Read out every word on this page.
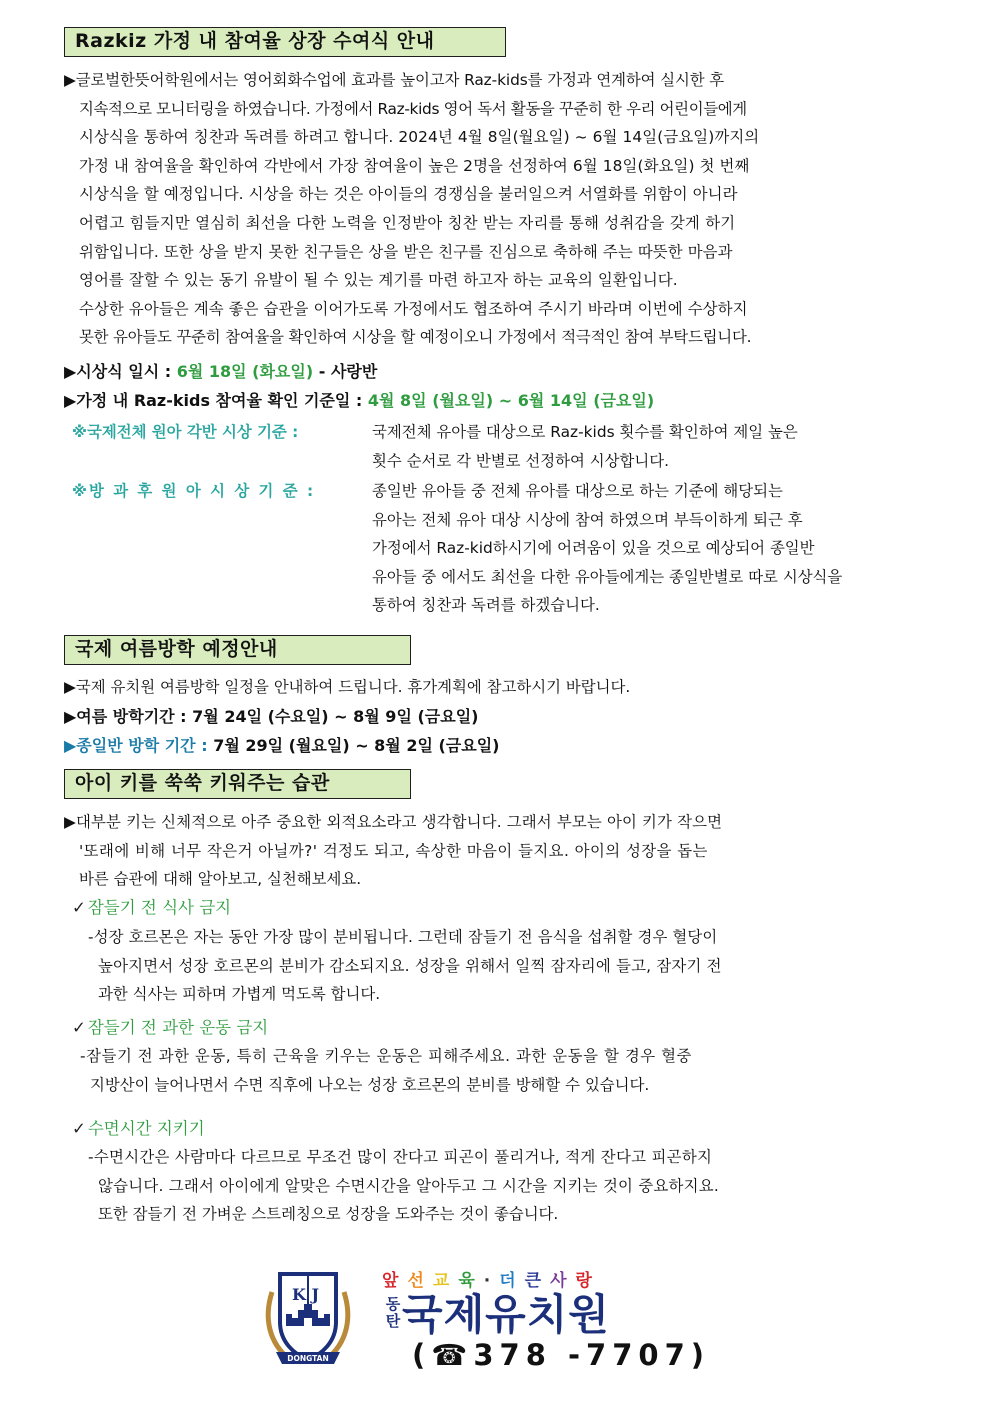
Razkiz 가정 내 참여율 상장 수여식 안내
▶글로벌한뜻어학원에서는 영어회화수업에 효과를 높이고자 Raz-kids를 가정과 연계하여 실시한 후
지속적으로 모니터링을 하였습니다. 가정에서 Raz-kids 영어 독서 활동을 꾸준히 한 우리 어린이들에게
시상식을 통하여 칭찬과 독려를 하려고 합니다. 2024년 4월 8일(월요일) ~ 6월 14일(금요일)까지의
가정 내 참여율을 확인하여 각반에서 가장 참여율이 높은 2명을 선정하여 6월 18일(화요일) 첫 번째
시상식을 할 예정입니다. 시상을 하는 것은 아이들의 경쟁심을 불러일으켜 서열화를 위함이 아니라
어렵고 힘들지만 열심히 최선을 다한 노력을 인정받아 칭찬 받는 자리를 통해 성취감을 갖게 하기
위함입니다. 또한 상을 받지 못한 친구들은 상을 받은 친구를 진심으로 축하해 주는 따뜻한 마음과
영어를 잘할 수 있는 동기 유발이 될 수 있는 계기를 마련 하고자 하는 교육의 일환입니다.
수상한 유아들은 계속 좋은 습관을 이어가도록 가정에서도 협조하여 주시기 바라며 이번에 수상하지
못한 유아들도 꾸준히 참여율을 확인하여 시상을 할 예정이오니 가정에서 적극적인 참여 부탁드립니다.
▶시상식 일시 : 6월 18일 (화요일) - 사랑반
▶가정 내 Raz-kids 참여율 확인 기준일 : 4월 8일 (월요일) ~ 6월 14일 (금요일)
※국제전체 원아 각반 시상 기준 :	국제전체 유아를 대상으로 Raz-kids 횟수를 확인하여 제일 높은
횟수 순서로 각 반별로 선정하여 시상합니다.
※방 과 후 원 아 시 상 기 준 :	종일반 유아들 중 전체 유아를 대상으로 하는 기준에 해당되는
유아는 전체 유아 대상 시상에 참여 하였으며 부득이하게 퇴근 후
가정에서 Raz-kid하시기에 어려움이 있을 것으로 예상되어 종일반
유아들 중 에서도 최선을 다한 유아들에게는 종일반별로 따로 시상식을
통하여 칭찬과 독려를 하겠습니다.
국제 여름방학 예정안내
▶국제 유치원 여름방학 일정을 안내하여 드립니다. 휴가계획에 참고하시기 바랍니다.
▶여름 방학기간 : 7월 24일 (수요일) ~ 8월 9일 (금요일)
▶종일반 방학 기간 : 7월 29일 (월요일) ~ 8월 2일 (금요일)
아이 키를 쑥쑥 키워주는 습관
▶대부분 키는 신체적으로 아주 중요한 외적요소라고 생각합니다. 그래서 부모는 아이 키가 작으면
'또래에 비해 너무 작은거 아닐까?' 걱정도 되고, 속상한 마음이 들지요. 아이의 성장을 돕는
바른 습관에 대해 알아보고, 실천해보세요.
✓ 잠들기 전 식사 금지
-성장 호르몬은 자는 동안 가장 많이 분비됩니다. 그런데 잠들기 전 음식을 섭취할 경우 혈당이
높아지면서 성장 호르몬의 분비가 감소되지요. 성장을 위해서 일찍 잠자리에 들고, 잠자기 전
과한 식사는 피하며 가볍게 먹도록 합니다.
✓ 잠들기 전 과한 운동 금지
-잠들기 전 과한 운동, 특히 근육을 키우는 운동은 피해주세요. 과한 운동을 할 경우 혈중
지방산이 늘어나면서 수면 직후에 나오는 성장 호르몬의 분비를 방해할 수 있습니다.
✓ 수면시간 지키기
-수면시간은 사람마다 다르므로 무조건 많이 잔다고 피곤이 풀리거나, 적게 잔다고 피곤하지
않습니다. 그래서 아이에게 알맞은 수면시간을 알아두고 그 시간을 지키는 것이 중요하지요.
또한 잠들기 전 가벼운 스트레칭으로 성장을 도와주는 것이 좋습니다.
K J
DONGTAN
앞선교육·더큰사랑
동
탄 국제유치원
(☎378 -7707)
